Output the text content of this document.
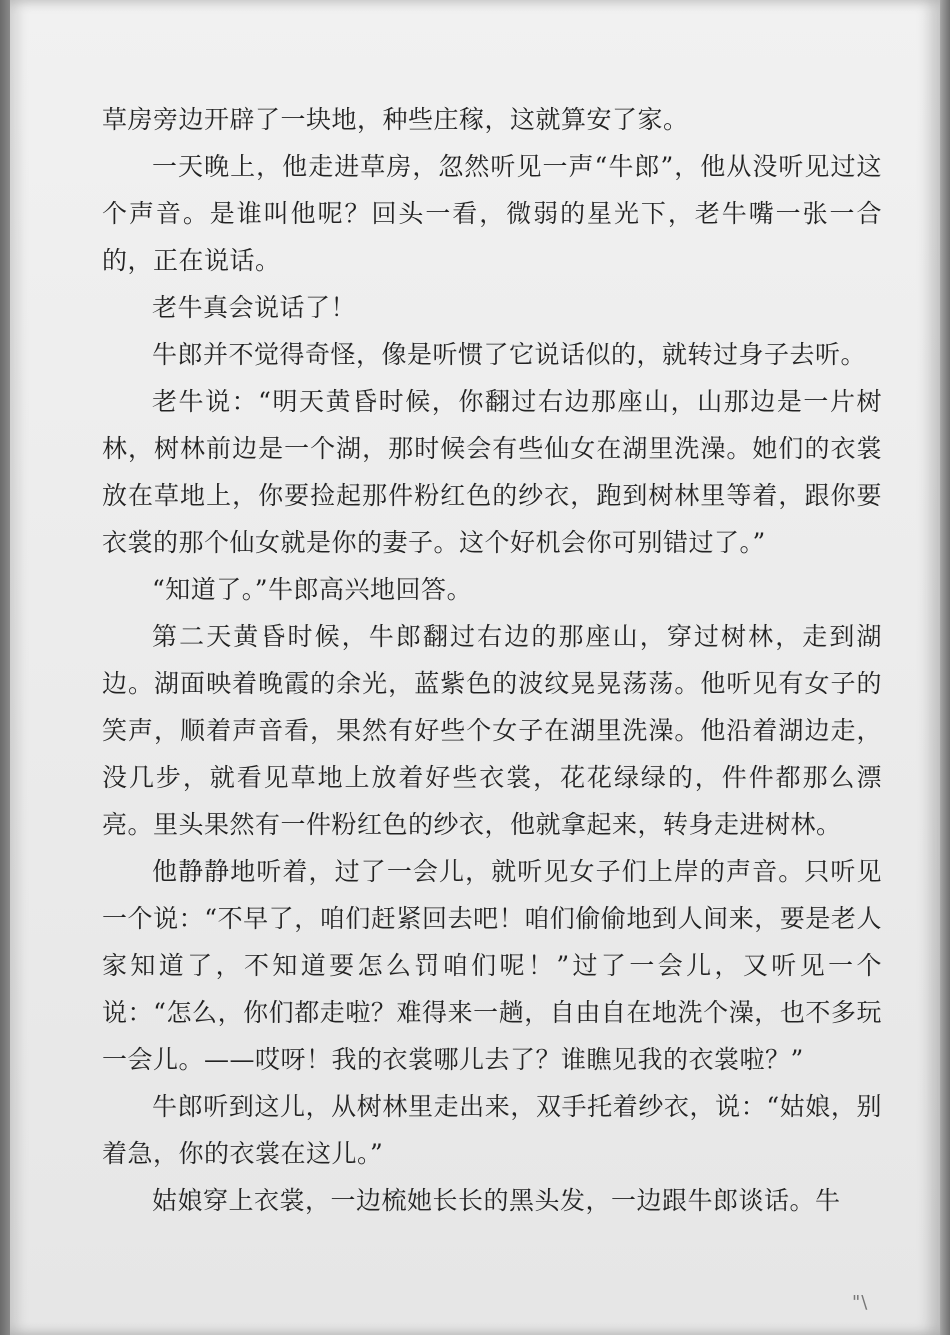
草房旁边开辟了一块地，种些庄稼，这就算安了家。

一天晚上，他走进草房，忽然听见一声“牛郎”，他从没听见过这个声音。是谁叫他呢？回头一看，微弱的星光下，老牛嘴一张一合的，正在说话。

老牛真会说话了！

牛郎并不觉得奇怪，像是听惯了它说话似的，就转过身子去听。

老牛说：“明天黄昏时候，你翻过右边那座山，山那边是一片树林，树林前边是一个湖，那时候会有些仙女在湖里洗澡。她们的衣裳放在草地上，你要捡起那件粉红色的纱衣，跑到树林里等着，跟你要衣裳的那个仙女就是你的妻子。这个好机会你可别错过了。”

“知道了。”牛郎高兴地回答。

第二天黄昏时候，牛郎翻过右边的那座山，穿过树林，走到湖边。湖面映着晚霞的余光，蓝紫色的波纹晃晃荡荡。他听见有女子的笑声，顺着声音看，果然有好些个女子在湖里洗澡。他沿着湖边走，没几步，就看见草地上放着好些衣裳，花花绿绿的，件件都那么漂亮。里头果然有一件粉红色的纱衣，他就拿起来，转身走进树林。

他静静地听着，过了一会儿，就听见女子们上岸的声音。只听见一个说：“不早了，咱们赶紧回去吧！咱们偷偷地到人间来，要是老人家知道了，不知道要怎么罚咱们呢！”过了一会儿，又听见一个说：“怎么，你们都走啦？难得来一趟，自由自在地洗个澡，也不多玩一会儿。——哎呀！我的衣裳哪儿去了？谁瞧见我的衣裳啦？”

牛郎听到这儿，从树林里走出来，双手托着纱衣，说：“姑娘，别着急，你的衣裳在这儿。”

姑娘穿上衣裳，一边梳她长长的黑头发，一边跟牛郎谈话。牛

"\
